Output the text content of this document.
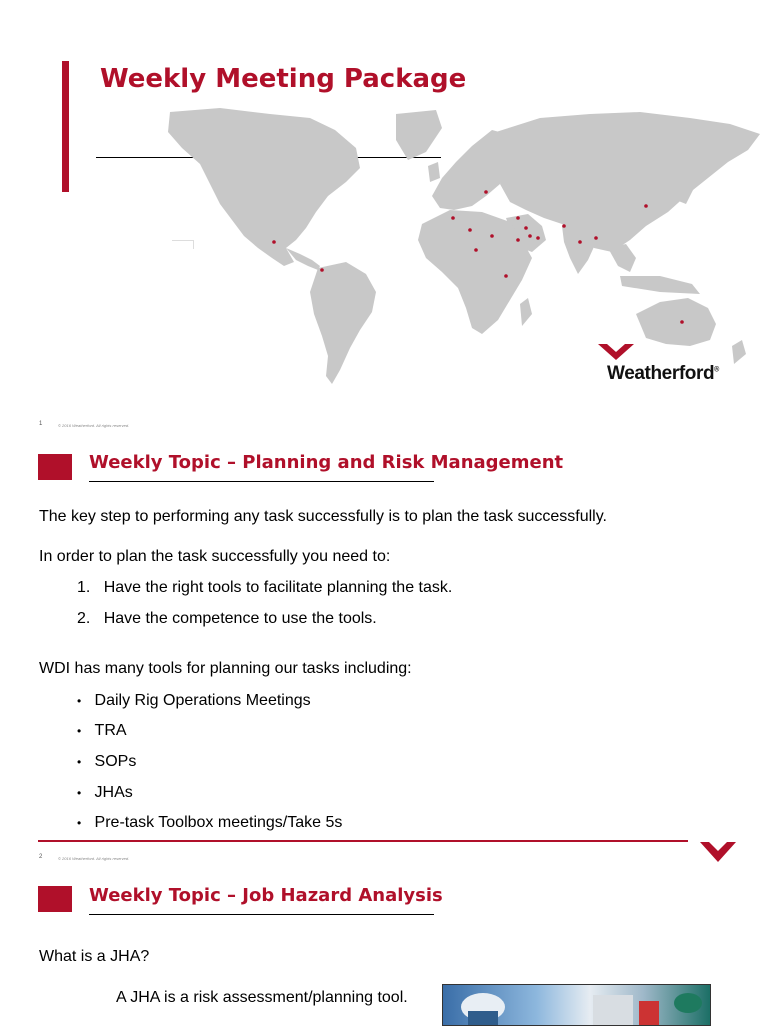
Weekly Meeting Package
Weatherford®
1	© 2016 Weatherford. All rights reserved.
Weekly Topic – Planning and Risk Management
The key step to performing any task successfully is to plan the task successfully.
In order to plan the task successfully you need to:
1. Have the right tools to facilitate planning the task.
2. Have the competence to use the tools.
WDI has many tools for planning our tasks including:
• Daily Rig Operations Meetings
• TRA
• SOPs
• JHAs
• Pre-task Toolbox meetings/Take 5s
2	© 2016 Weatherford. All rights reserved.
Weekly Topic – Job Hazard Analysis
What is a JHA?
A JHA is a risk assessment/planning tool.
